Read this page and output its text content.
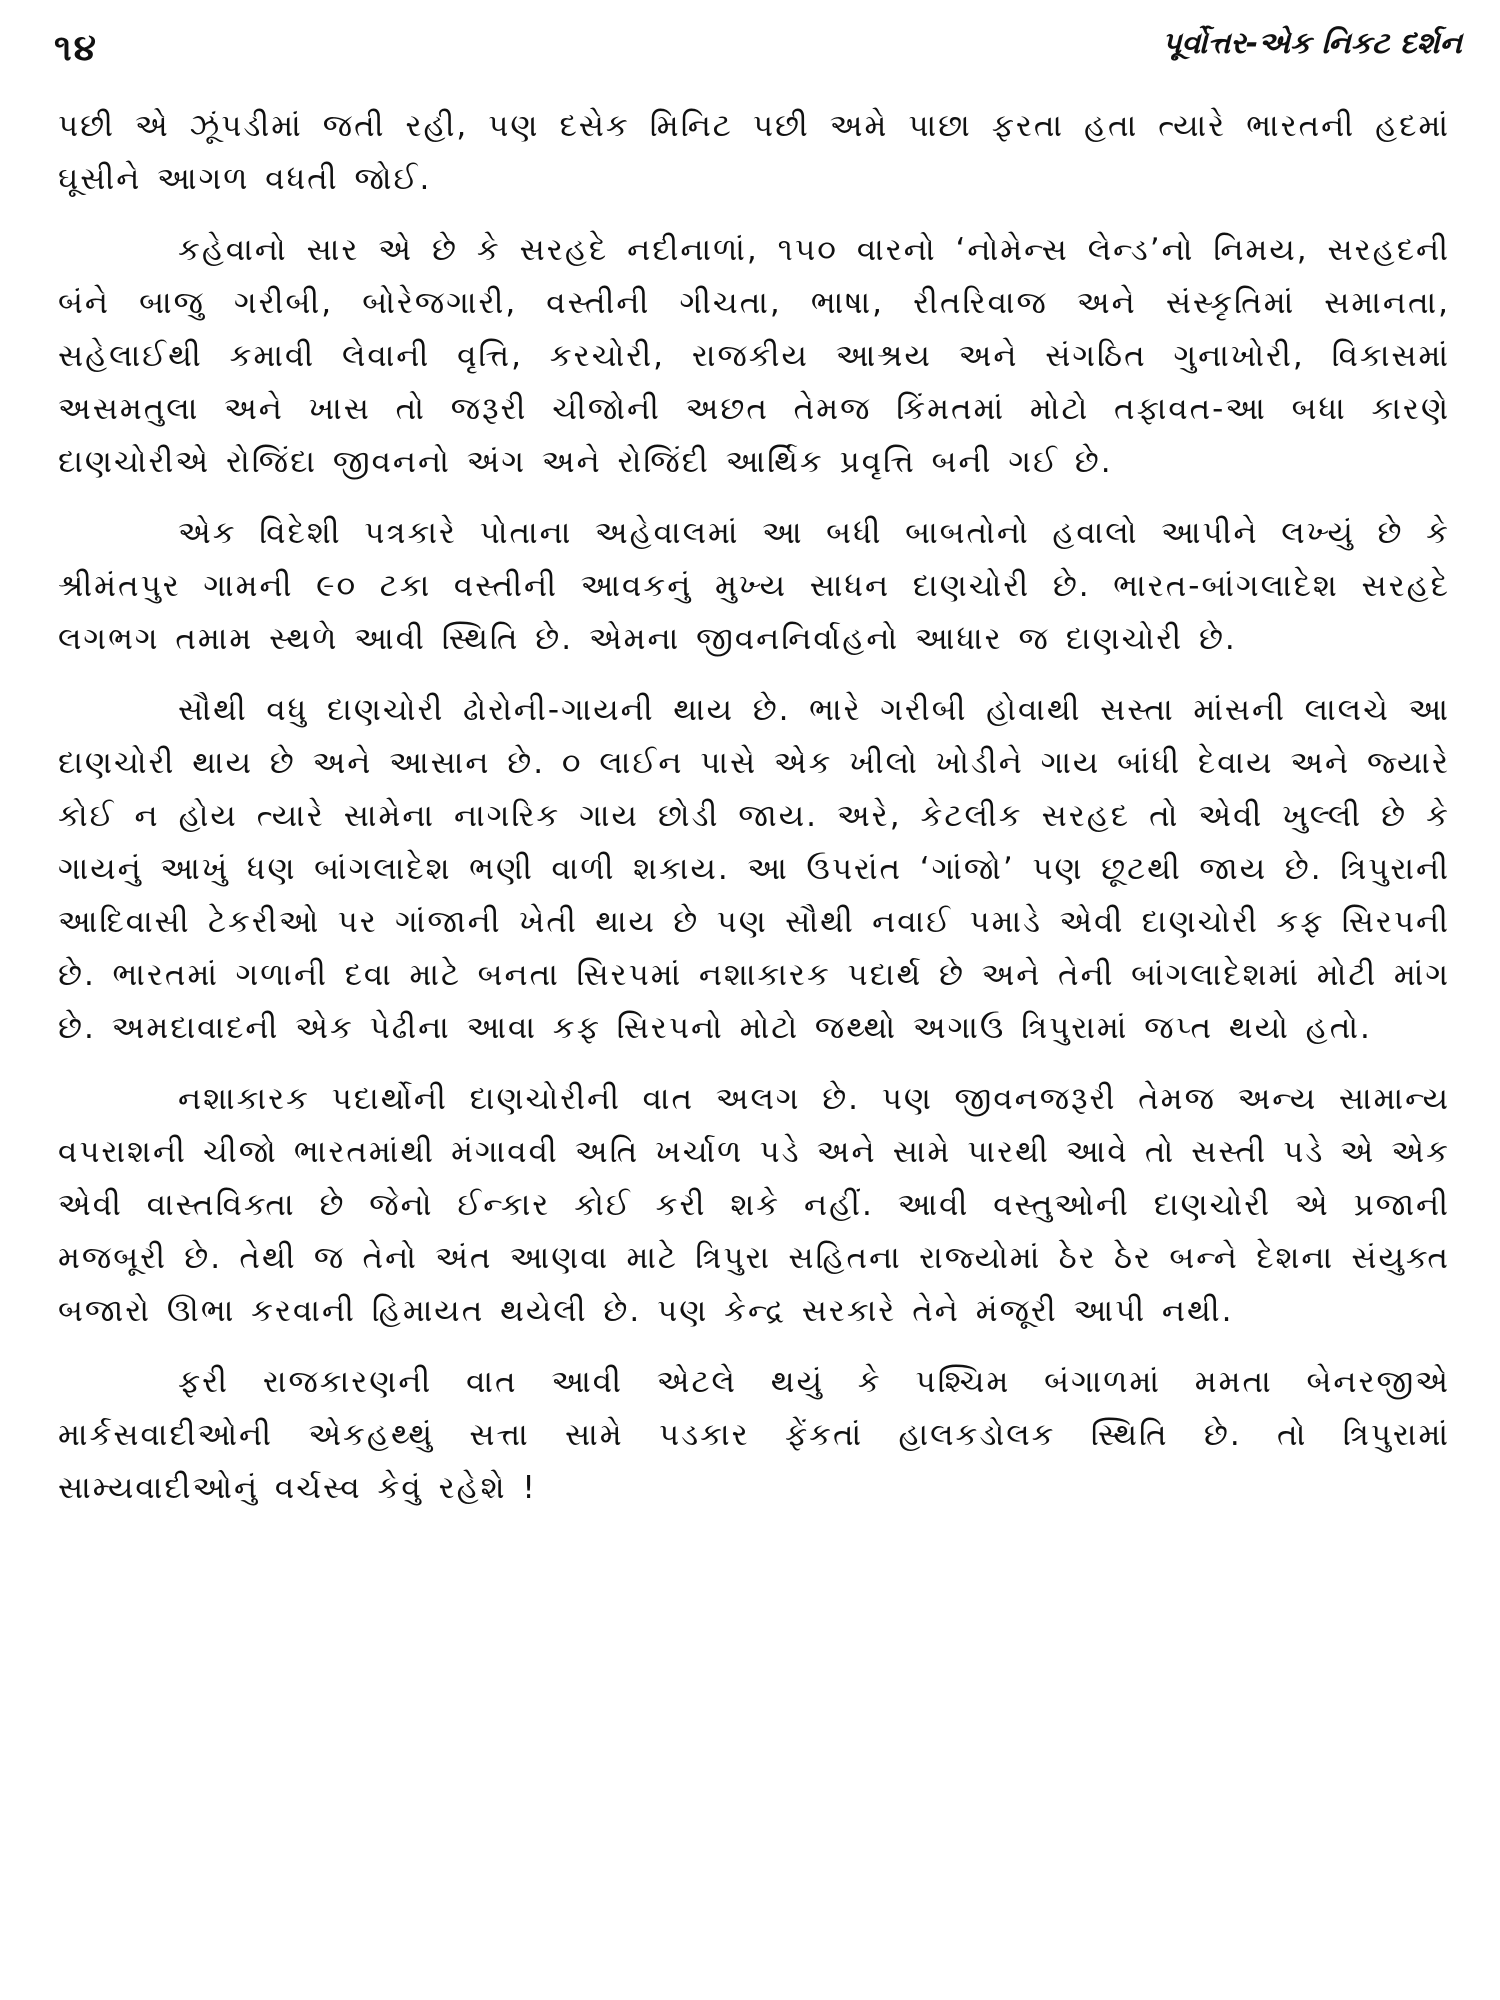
૧૪	પૂર્વોત્તર-એક નિકટ દર્શન

પછી એ ઝૂંપડીમાં જતી રહી, પણ દસેક મિનિટ પછી અમે પાછા ફરતા હતા ત્યારે ભારતની હદમાં ઘૂસીને આગળ વધતી જોઈ.

કહેવાનો સાર એ છે કે સરહદે નદીનાળાં, ૧૫૦ વારનો ‘નોમેન્સ લેન્ડ’નો નિમય, સરહદની બંને બાજુ ગરીબી, બોરેજગારી, વસ્તીની ગીચતા, ભાષા, રીતરિવાજ અને સંસ્કૃતિમાં સમાનતા, સહેલાઈથી કમાવી લેવાની વૃત્તિ, કરચોરી, રાજકીય આશ્રય અને સંગઠિત ગુનાખોરી, વિકાસમાં અસમતુલા અને ખાસ તો જરૂરી ચીજોની અછત તેમજ કિંમતમાં મોટો તફાવત-આ બધા કારણે દાણચોરીએ રોજિંદા જીવનનો અંગ અને રોજિંદી આર્થિક પ્રવૃત્તિ બની ગઈ છે.

એક વિદેશી પત્રકારે પોતાના અહેવાલમાં આ બધી બાબતોનો હવાલો આપીને લખ્યું છે કે શ્રીમંતપુર ગામની ૯૦ ટકા વસ્તીની આવકનું મુખ્ય સાધન દાણચોરી છે. ભારત-બાંગલાદેશ સરહદે લગભગ તમામ સ્થળે આવી સ્થિતિ છે. એમના જીવનનિર્વાહનો આધાર જ દાણચોરી છે.

સૌથી વધુ દાણચોરી ઢોરોની-ગાયની થાય છે. ભારે ગરીબી હોવાથી સસ્તા માંસની લાલચે આ દાણચોરી થાય છે અને આસાન છે. ૦ લાઈન પાસે એક ખીલો ખોડીને ગાય બાંધી દેવાય અને જ્યારે કોઈ ન હોય ત્યારે સામેના નાગરિક ગાય છોડી જાય. અરે, કેટલીક સરહદ તો એવી ખુલ્લી છે કે ગાયનું આખું ધણ બાંગલાદેશ ભણી વાળી શકાય. આ ઉપરાંત ‘ગાંજો’ પણ છૂટથી જાય છે. ત્રિપુરાની આદિવાસી ટેકરીઓ પર ગાંજાની ખેતી થાય છે પણ સૌથી નવાઈ પમાડે એવી દાણચોરી કફ સિરપની છે. ભારતમાં ગળાની દવા માટે બનતા સિરપમાં નશાકારક પદાર્થ છે અને તેની બાંગલાદેશમાં મોટી માંગ છે. અમદાવાદની એક પેઢીના આવા કફ સિરપનો મોટો જથ્થો અગાઉ ત્રિપુરામાં જપ્ત થયો હતો.

નશાકારક પદાર્થોની દાણચોરીની વાત અલગ છે. પણ જીવનજરૂરી તેમજ અન્ય સામાન્ય વપરાશની ચીજો ભારતમાંથી મંગાવવી અતિ ખર્ચાળ પડે અને સામે પારથી આવે તો સસ્તી પડે એ એક એવી વાસ્તવિક્તા છે જેનો ઈન્કાર કોઈ કરી શકે નહીં. આવી વસ્તુઓની દાણચોરી એ પ્રજાની મજબૂરી છે. તેથી જ તેનો અંત આણવા માટે ત્રિપુરા સહિતના રાજ્યોમાં ઠેર ઠેર બન્ને દેશના સંયુક્ત બજારો ઊભા કરવાની હિમાયત થયેલી છે. પણ કેન્દ્ર સરકારે તેને મંજૂરી આપી નથી.

ફરી રાજકારણની વાત આવી એટલે થયું કે પશ્ચિમ બંગાળમાં મમતા બેનરજીએ માર્કસવાદીઓની એકહથ્થું સત્તા સામે પડકાર ફેંકતાં હાલકડોલક સ્થિતિ છે. તો ત્રિપુરામાં સામ્યવાદીઓનું વર્ચસ્વ કેવું રહેશે !
